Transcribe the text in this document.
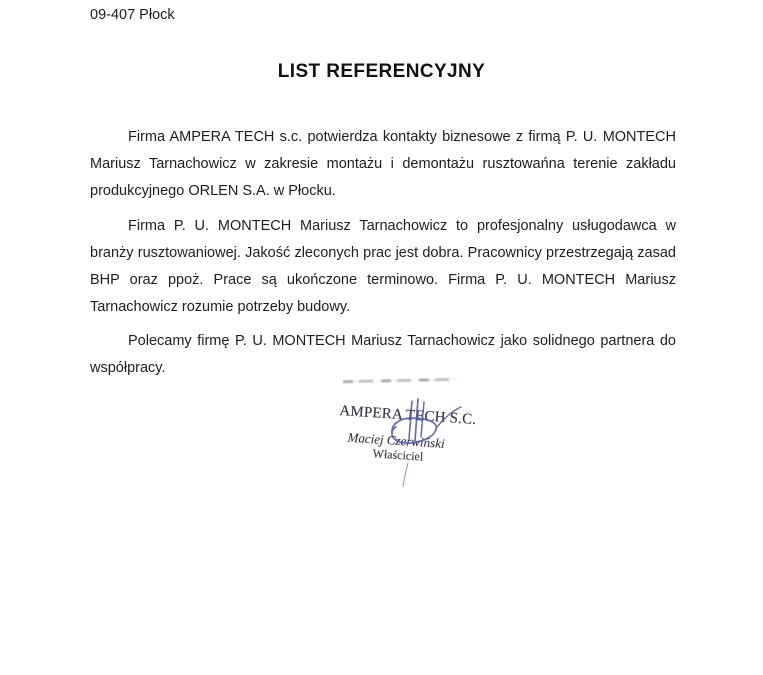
09-407 Płock
LIST REFERENCYJNY

Firma AMPERA TECH s.c. potwierdza kontakty biznesowe z firmą P. U. MONTECH Mariusz Tarnachowicz w zakresie montażu i demontażu rusztowańna terenie zakładu produkcyjnego ORLEN S.A. w Płocku.

Firma P. U. MONTECH Mariusz Tarnachowicz to profesjonalny usługodawca w branży rusztowaniowej. Jakość zleconych prac jest dobra. Pracownicy przestrzegają zasad BHP oraz ppoż. Prace są ukończone terminowo. Firma P. U. MONTECH Mariusz Tarnachowicz rozumie potrzeby budowy.

Polecamy firmę P. U. MONTECH Mariusz Tarnachowicz jako solidnego partnera do współpracy.

AMPERA TECH S.C.
Maciej Czerwiński
Właściciel
